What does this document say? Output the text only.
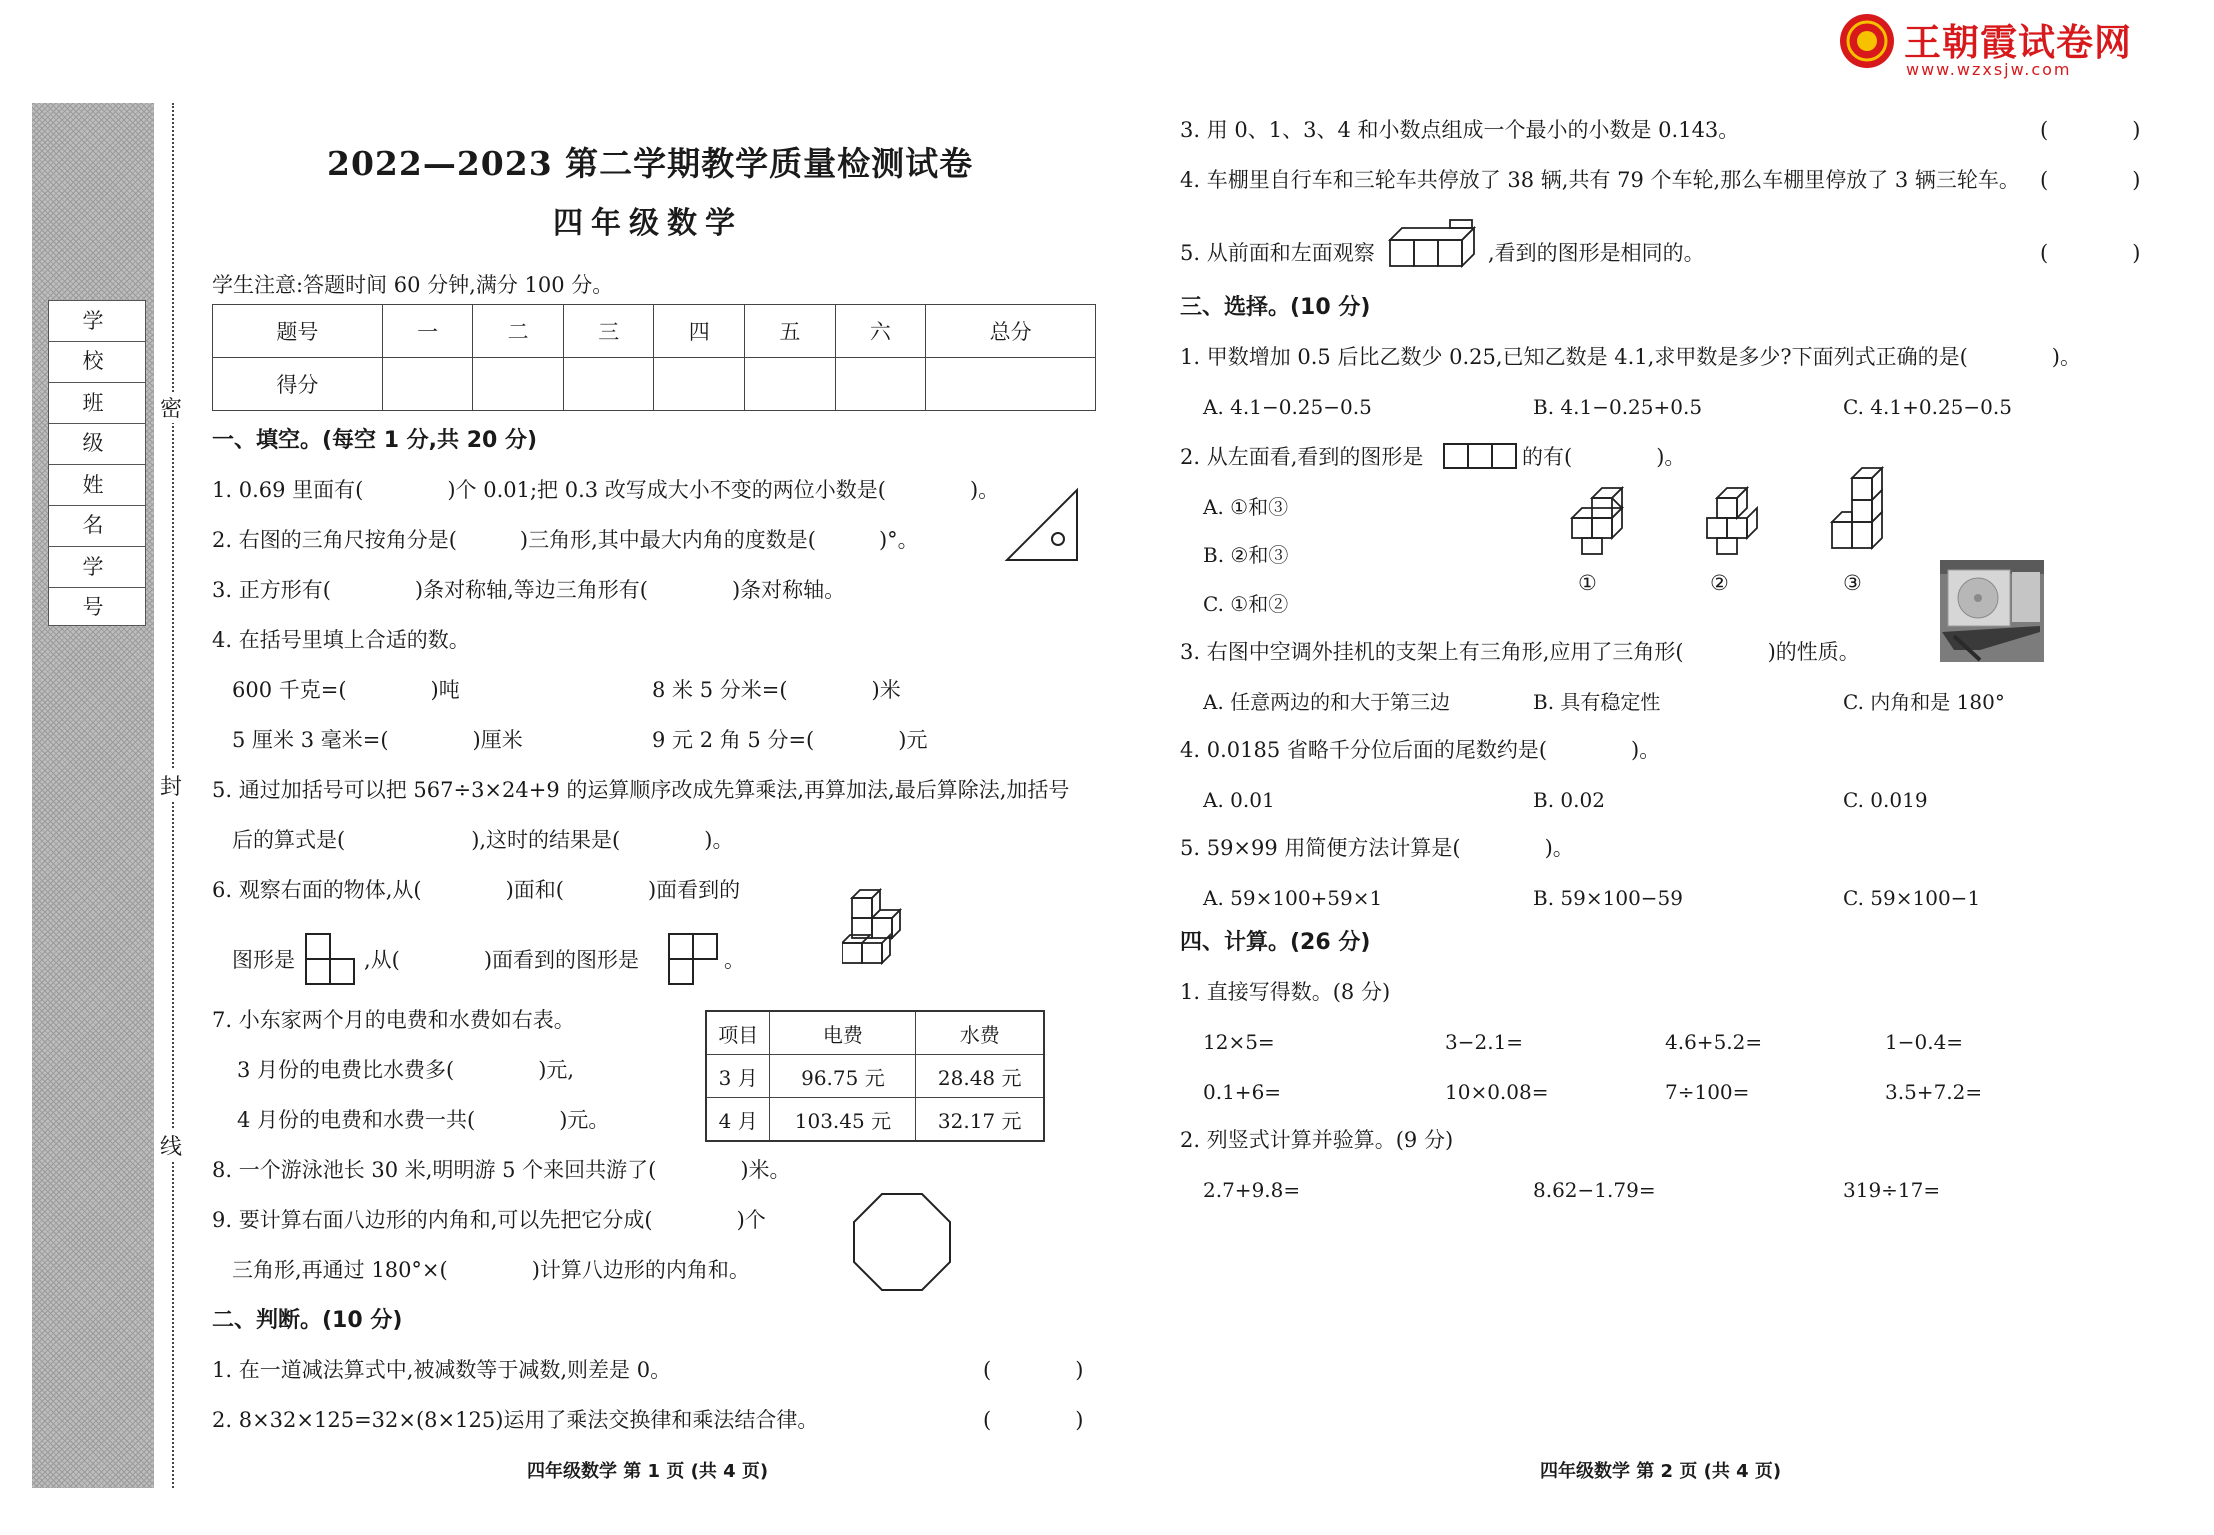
王朝霞试卷网
www.wzxsjw.com
学 校
班 级
姓 名
学 号
密
封
线
2022—2023 第二学期教学质量检测试卷
四年级数学
学生注意:答题时间 60 分钟,满分 100 分。
题号	一	二	三	四	五	六	总分
得分							
一、填空。(每空 1 分,共 20 分)
1. 0.69 里面有(　　　　)个 0.01;把 0.3 改写成大小不变的两位小数是(　　　　)。
2. 右图的三角尺按角分是(　　　)三角形,其中最大内角的度数是(　　　)°。
3. 正方形有(　　　　)条对称轴,等边三角形有(　　　　)条对称轴。
4. 在括号里填上合适的数。
600 千克=(　　　　)吨	8 米 5 分米=(　　　　)米
5 厘米 3 毫米=(　　　　)厘米	9 元 2 角 5 分=(　　　　)元
5. 通过加括号可以把 567÷3×24+9 的运算顺序改成先算乘法,再算加法,最后算除法,加括号
后的算式是(　　　　　　),这时的结果是(　　　　)。
6. 观察右面的物体,从(　　　　)面和(　　　　)面看到的
图形是	,从(　　　　)面看到的图形是	。
7. 小东家两个月的电费和水费如右表。
3 月份的电费比水费多(　　　　)元,
4 月份的电费和水费一共(　　　　)元。
项目	电费	水费
3 月	96.75 元	28.48 元
4 月	103.45 元	32.17 元
8. 一个游泳池长 30 米,明明游 5 个来回共游了(　　　　)米。
9. 要计算右面八边形的内角和,可以先把它分成(　　　　)个
三角形,再通过 180°×(　　　　)计算八边形的内角和。
二、判断。(10 分)
1. 在一道减法算式中,被减数等于减数,则差是 0。	(　　　　)
2. 8×32×125=32×(8×125)运用了乘法交换律和乘法结合律。	(　　　　)
四年级数学 第 1 页 (共 4 页)
3. 用 0、1、3、4 和小数点组成一个最小的小数是 0.143。	(　　　　)
4. 车棚里自行车和三轮车共停放了 38 辆,共有 79 个车轮,那么车棚里停放了 3 辆三轮车。 (　　　　)
5. 从前面和左面观察	,看到的图形是相同的。	(　　　　)
三、选择。(10 分)
1. 甲数增加 0.5 后比乙数少 0.25,已知乙数是 4.1,求甲数是多少?下面列式正确的是(　　　　)。
A. 4.1−0.25−0.5	B. 4.1−0.25+0.5	C. 4.1+0.25−0.5
2. 从左面看,看到的图形是	的有(　　　　)。
A. ①和③
B. ②和③
C. ①和②
①	②	③
3. 右图中空调外挂机的支架上有三角形,应用了三角形(　　　　)的性质。
A. 任意两边的和大于第三边	B. 具有稳定性	C. 内角和是 180°
4. 0.0185 省略千分位后面的尾数约是(　　　　)。
A. 0.01	B. 0.02	C. 0.019
5. 59×99 用简便方法计算是(　　　　)。
A. 59×100+59×1	B. 59×100−59	C. 59×100−1
四、计算。(26 分)
1. 直接写得数。(8 分)
12×5=	3−2.1=	4.6+5.2=	1−0.4=
0.1+6=	10×0.08=	7÷100=	3.5+7.2=
2. 列竖式计算并验算。(9 分)
2.7+9.8=	8.62−1.79=	319÷17=
四年级数学 第 2 页 (共 4 页)
